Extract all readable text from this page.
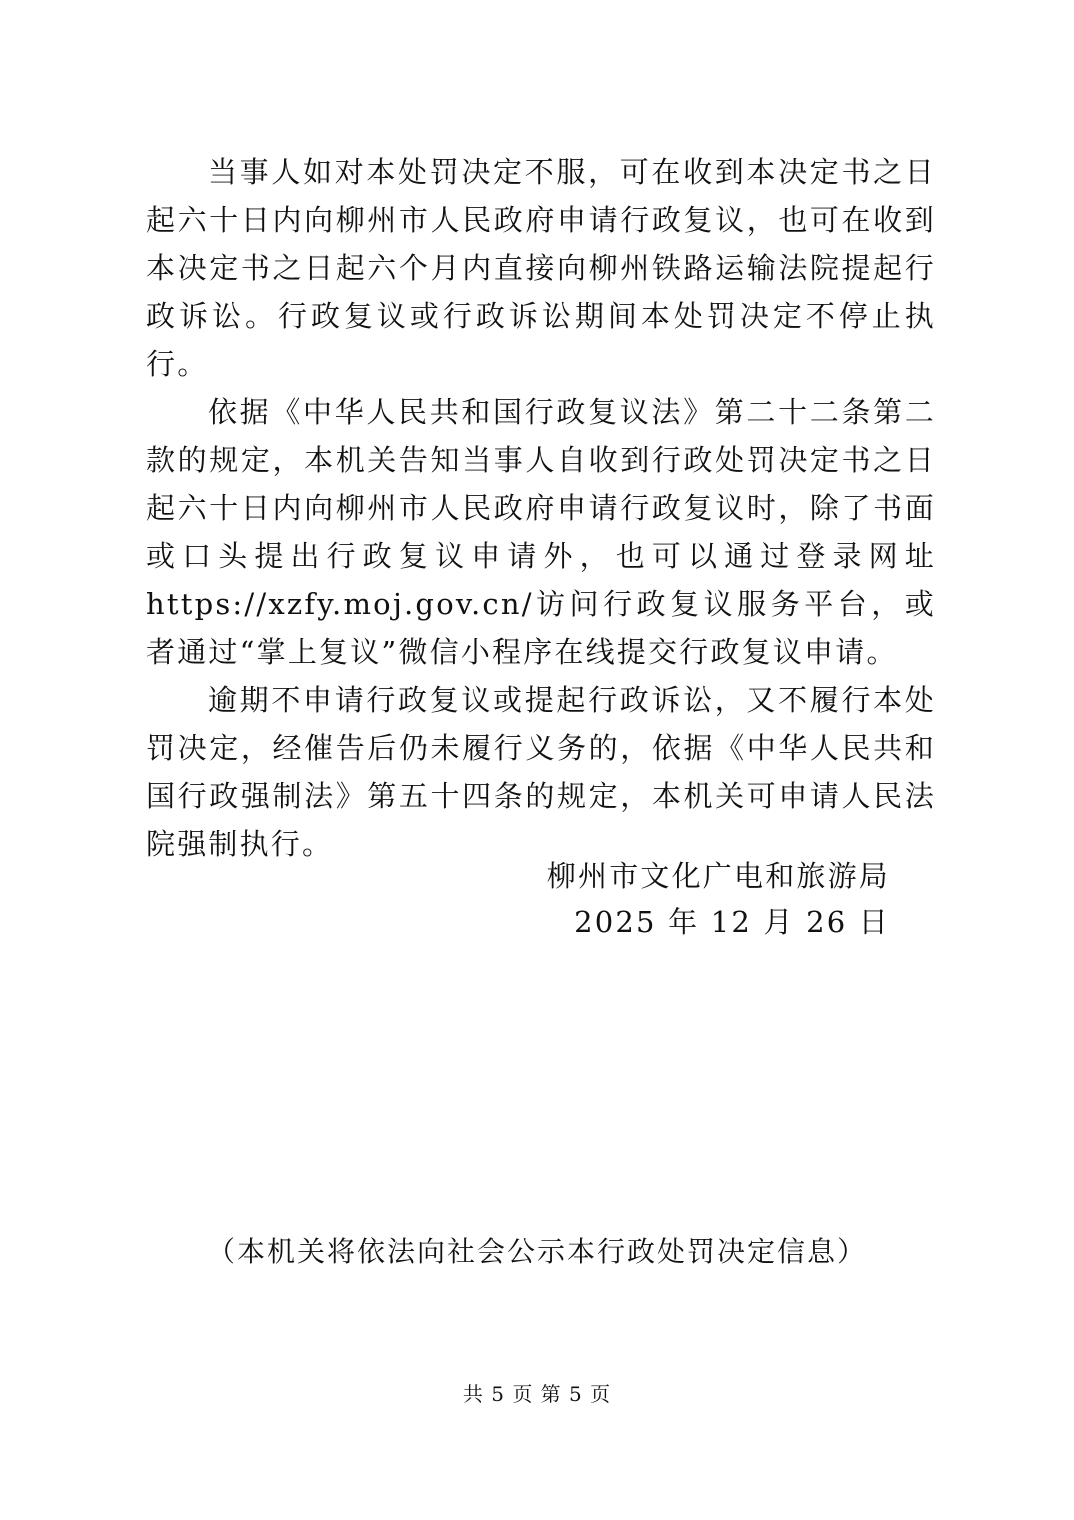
当事人如对本处罚决定不服，可在收到本决定书之日起六十日内向柳州市人民政府申请行政复议，也可在收到本决定书之日起六个月内直接向柳州铁路运输法院提起行政诉讼。行政复议或行政诉讼期间本处罚决定不停止执行。

依据《中华人民共和国行政复议法》第二十二条第二款的规定，本机关告知当事人自收到行政处罚决定书之日起六十日内向柳州市人民政府申请行政复议时，除了书面或口头提出行政复议申请外，也可以通过登录网址https://xzfy.moj.gov.cn/访问行政复议服务平台，或者通过“掌上复议”微信小程序在线提交行政复议申请。

逾期不申请行政复议或提起行政诉讼，又不履行本处罚决定，经催告后仍未履行义务的，依据《中华人民共和国行政强制法》第五十四条的规定，本机关可申请人民法院强制执行。

柳州市文化广电和旅游局
2025 年 12 月 26 日
（本机关将依法向社会公示本行政处罚决定信息）
共 5 页 第 5 页
